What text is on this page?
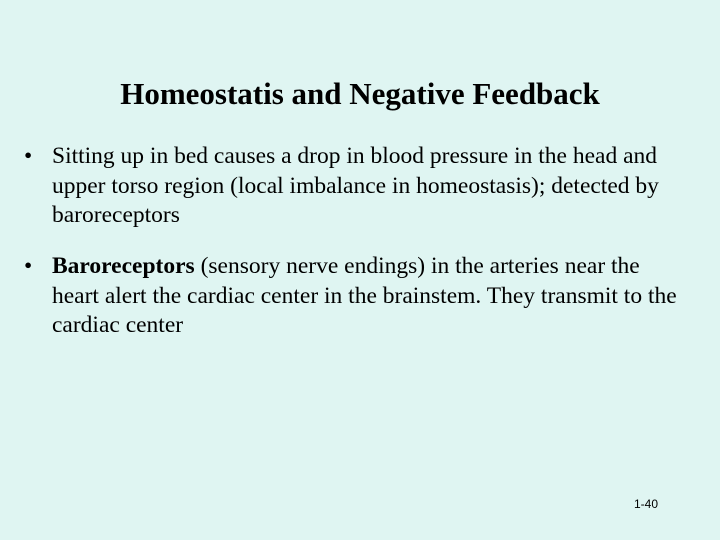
Homeostatis and Negative Feedback
• Sitting up in bed causes a drop in blood pressure in the head and upper torso region (local imbalance in homeostasis); detected by baroreceptors
• Baroreceptors (sensory nerve endings) in the arteries near the heart alert the cardiac center in the brainstem. They transmit to the cardiac center
1-40
